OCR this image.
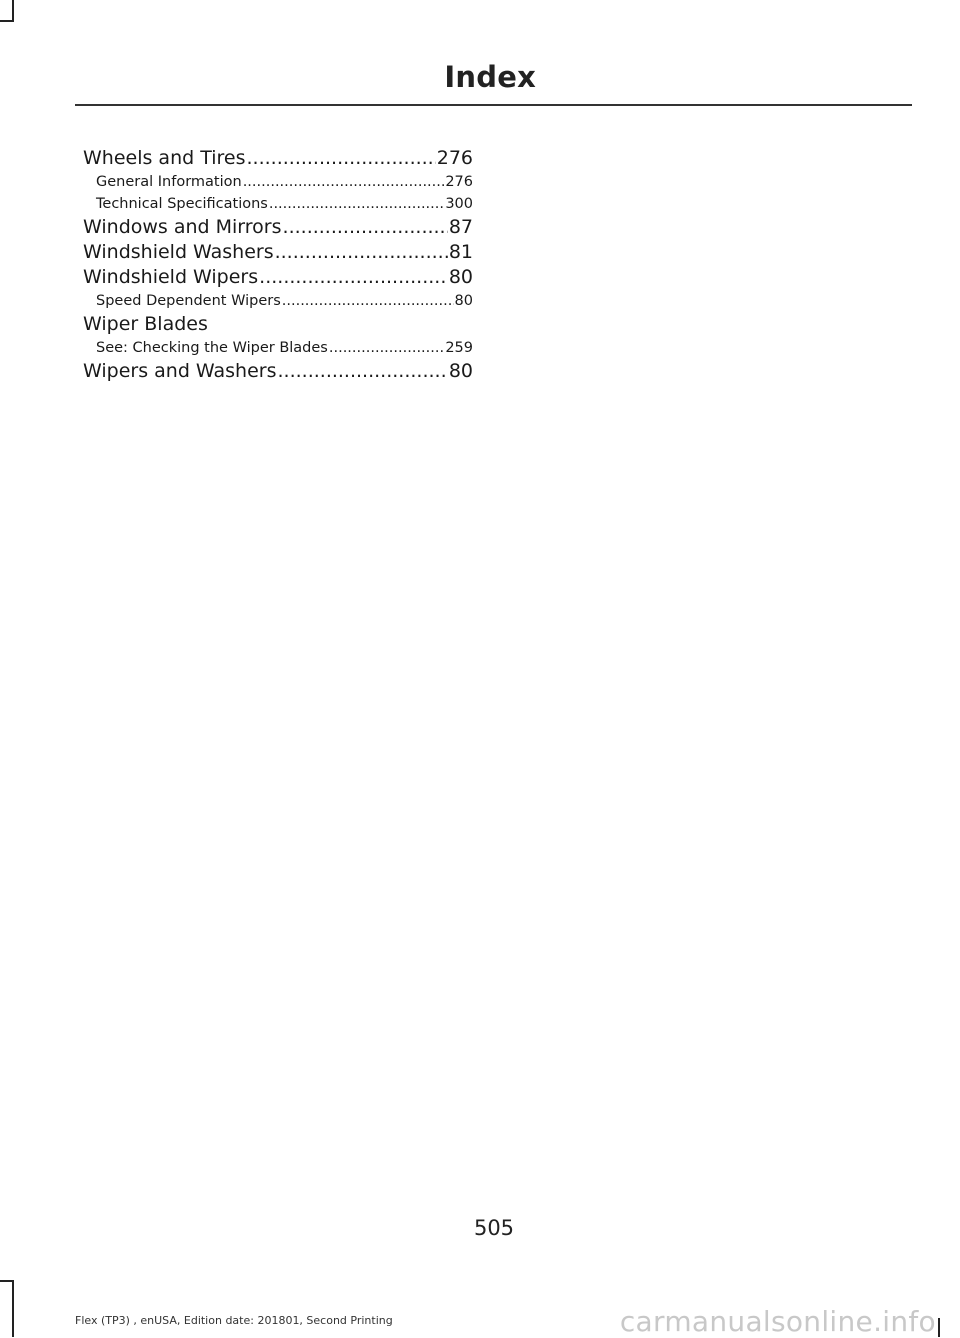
Index
Wheels and Tires .....	276
General Information .....	276
Technical Specifications .....	300
Windows and Mirrors .....	87
Windshield Washers .....	81
Windshield Wipers .....	80
Speed Dependent Wipers .....	80
Wiper Blades
See: Checking the Wiper Blades .....	259
Wipers and Washers .....	80
505
Flex (TP3) , enUSA, Edition date: 201801, Second Printing	carmanualsonline.info
